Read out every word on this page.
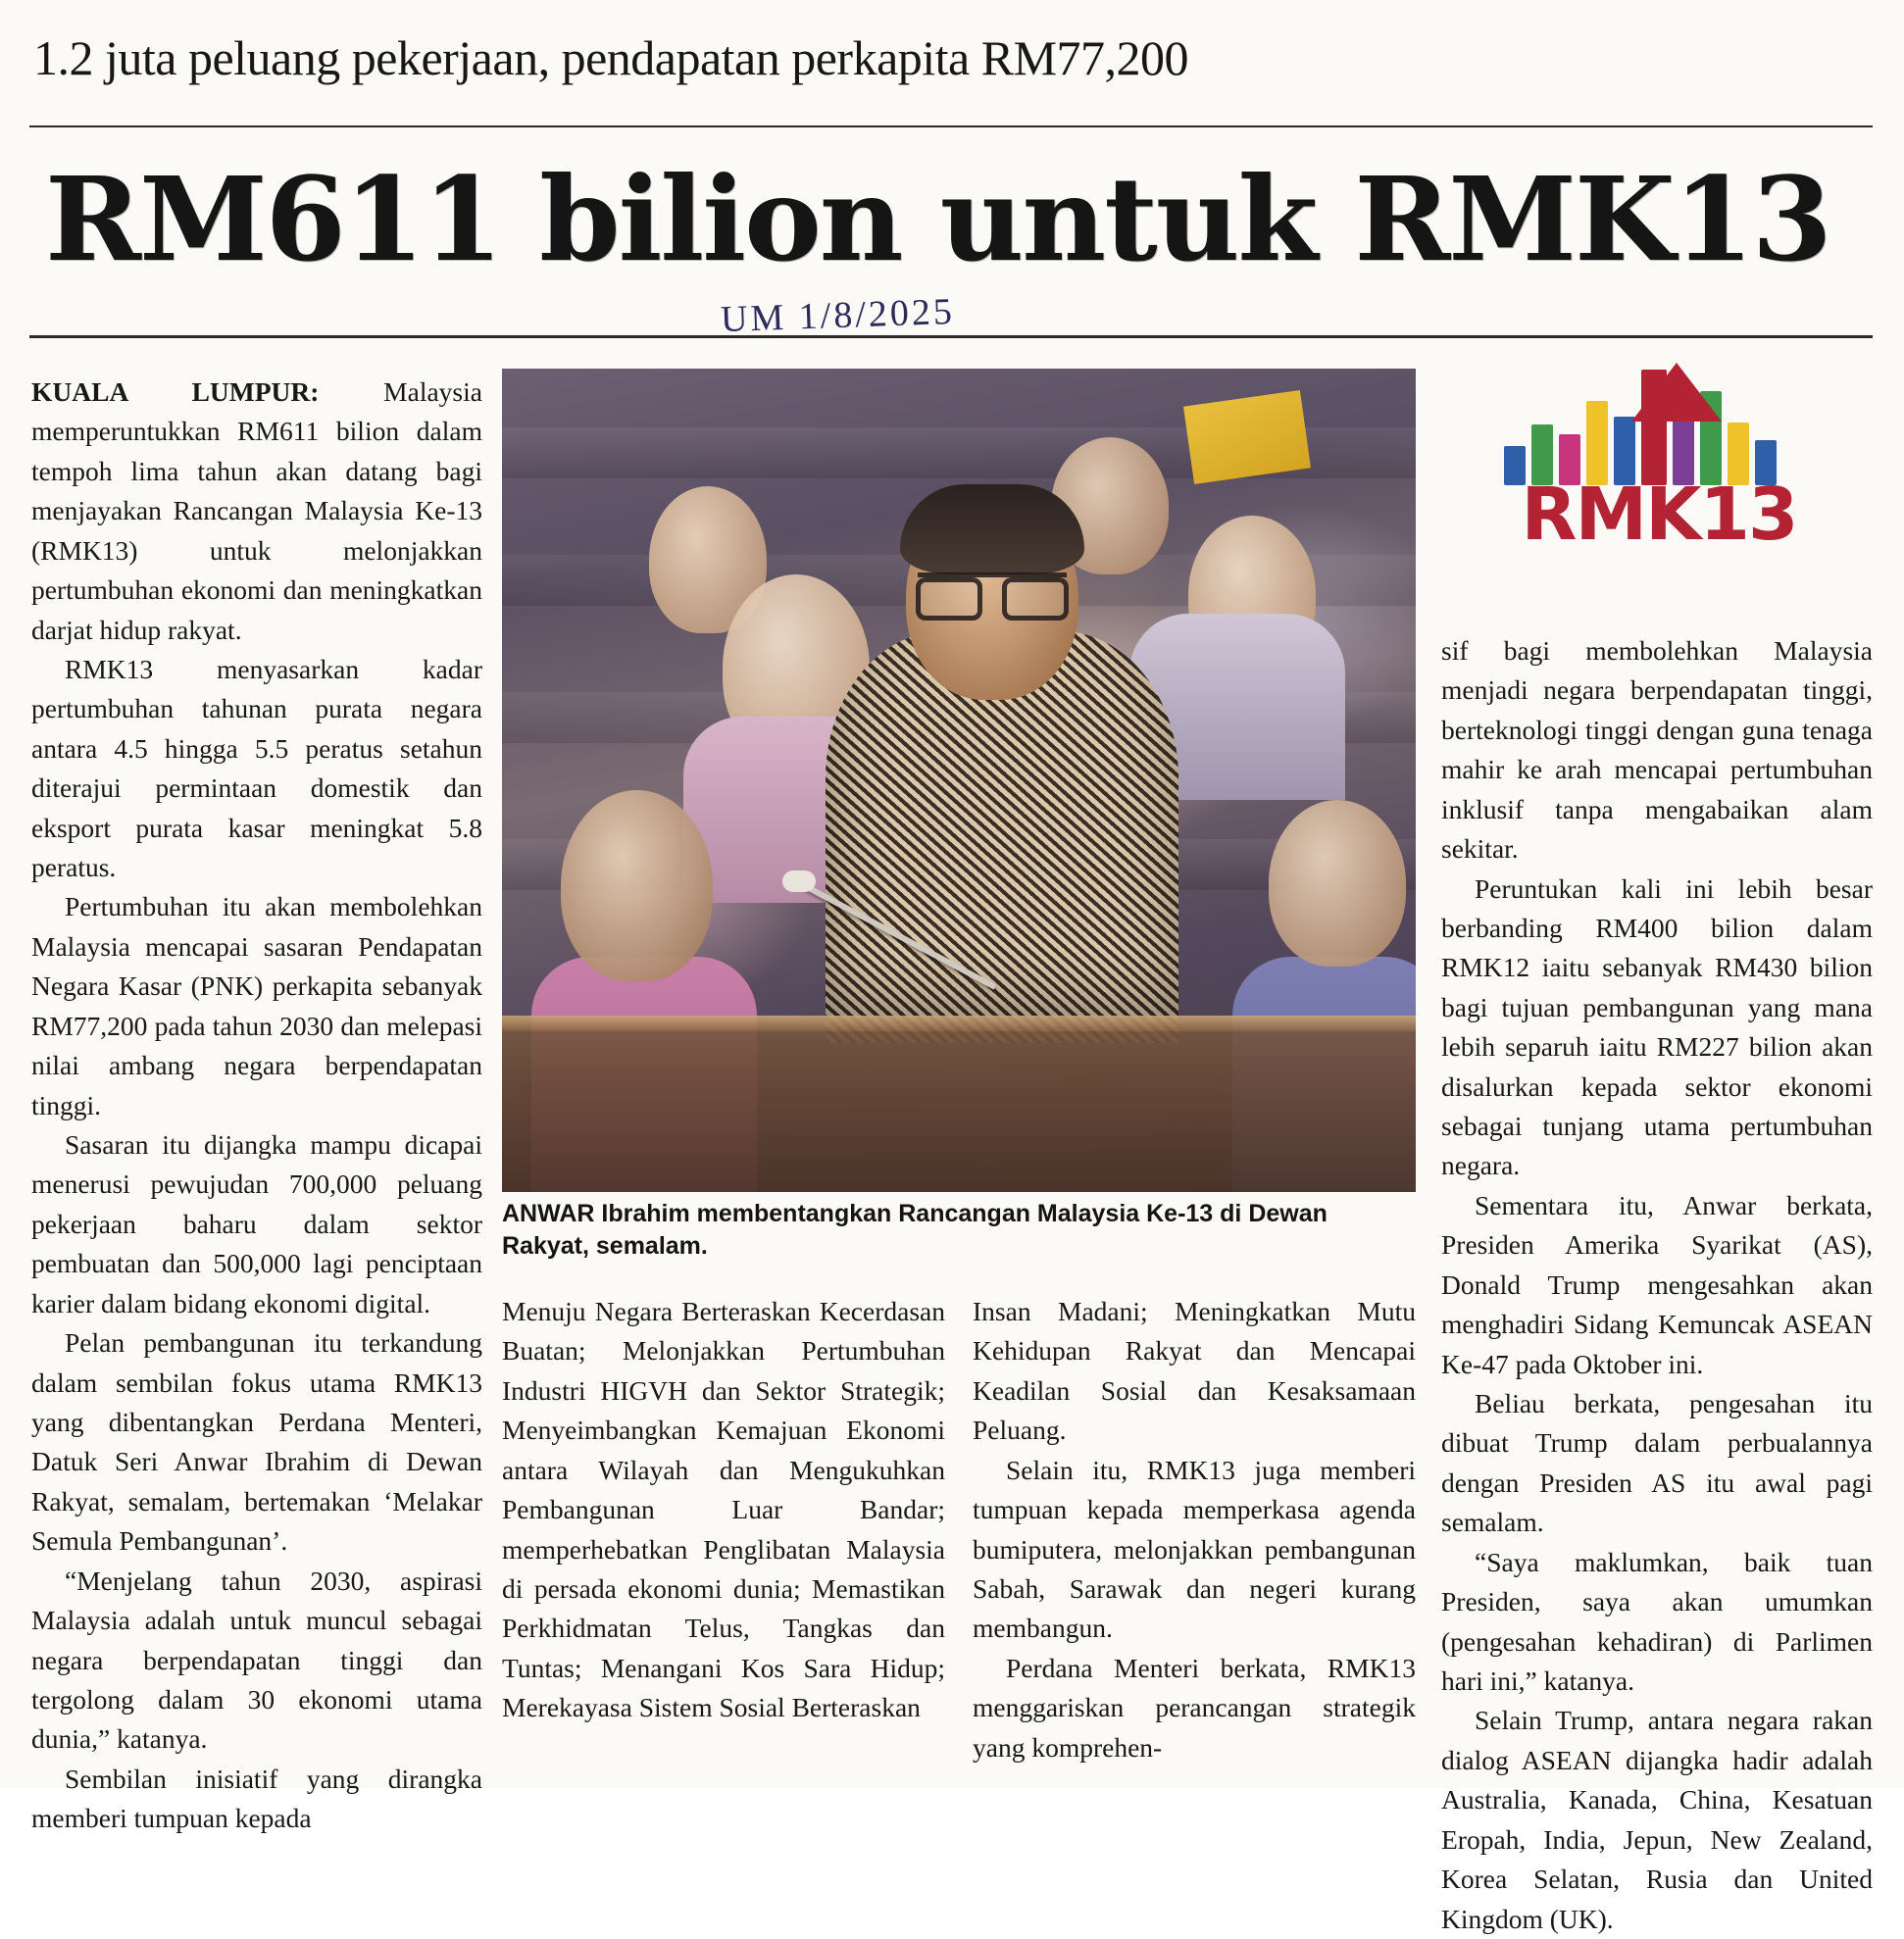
1.2 juta peluang pekerjaan, pendapatan perkapita RM77,200
RM611 bilion untuk RMK13

KUALA LUMPUR: Malaysia memperuntukkan RM611 bilion dalam tempoh lima tahun akan datang bagi menjayakan Rancangan Malaysia Ke-13 (RMK13) untuk melonjakkan pertumbuhan ekonomi dan meningkatkan darjat hidup rakyat.

RMK13 menyasarkan kadar pertumbuhan tahunan purata negara antara 4.5 hingga 5.5 peratus setahun diterajui permintaan domestik dan eksport purata kasar meningkat 5.8 peratus.

Pertumbuhan itu akan membolehkan Malaysia mencapai sasaran Pendapatan Negara Kasar (PNK) perkapita sebanyak RM77,200 pada tahun 2030 dan melepasi nilai ambang negara berpendapatan tinggi.

Sasaran itu dijangka mampu dicapai menerusi pewujudan 700,000 peluang pekerjaan baharu dalam sektor pembuatan dan 500,000 lagi penciptaan karier dalam bidang ekonomi digital.

Pelan pembangunan itu terkandung dalam sembilan fokus utama RMK13 yang dibentangkan Perdana Menteri, Datuk Seri Anwar Ibrahim di Dewan Rakyat, semalam, bertemakan ‘Melakar Semula Pembangunan’.

“Menjelang tahun 2030, aspirasi Malaysia adalah untuk muncul sebagai negara berpendapatan tinggi dan tergolong dalam 30 ekonomi utama dunia,” katanya.

Sembilan inisiatif yang dirangka memberi tumpuan kepada

ANWAR Ibrahim membentangkan Rancangan Malaysia Ke-13 di Dewan Rakyat, semalam.
UM 1/8/2025

Menuju Negara Berteraskan Kecerdasan Buatan; Melonjakkan Pertumbuhan Industri HIGVH dan Sektor Strategik; Menyeimbangkan Kemajuan Ekonomi antara Wilayah dan Mengukuhkan Pembangunan Luar Bandar; memperhebatkan Penglibatan Malaysia di persada ekonomi dunia; Memastikan Perkhidmatan Telus, Tangkas dan Tuntas; Menangani Kos Sara Hidup; Merekayasa Sistem Sosial Berteraskan

Insan Madani; Meningkatkan Mutu Kehidupan Rakyat dan Mencapai Keadilan Sosial dan Kesaksamaan Peluang.

Selain itu, RMK13 juga memberi tumpuan kepada memperkasa agenda bumiputera, melonjakkan pembangunan Sabah, Sarawak dan negeri kurang membangun.

Perdana Menteri berkata, RMK13 menggariskan perancangan strategik yang komprehen-

RMK13

sif bagi membolehkan Malaysia menjadi negara berpendapatan tinggi, berteknologi tinggi dengan guna tenaga mahir ke arah mencapai pertumbuhan inklusif tanpa mengabaikan alam sekitar.

Peruntukan kali ini lebih besar berbanding RM400 bilion dalam RMK12 iaitu sebanyak RM430 bilion bagi tujuan pembangunan yang mana lebih separuh iaitu RM227 bilion akan disalurkan kepada sektor ekonomi sebagai tunjang utama pertumbuhan negara.

Sementara itu, Anwar berkata, Presiden Amerika Syarikat (AS), Donald Trump mengesahkan akan menghadiri Sidang Kemuncak ASEAN Ke-47 pada Oktober ini.

Beliau berkata, pengesahan itu dibuat Trump dalam perbualannya dengan Presiden AS itu awal pagi semalam.

“Saya maklumkan, baik tuan Presiden, saya akan umumkan (pengesahan kehadiran) di Parlimen hari ini,” katanya.

Selain Trump, antara negara rakan dialog ASEAN dijangka hadir adalah Australia, Kanada, China, Kesatuan Eropah, India, Jepun, New Zealand, Korea Selatan, Rusia dan United Kingdom (UK).
